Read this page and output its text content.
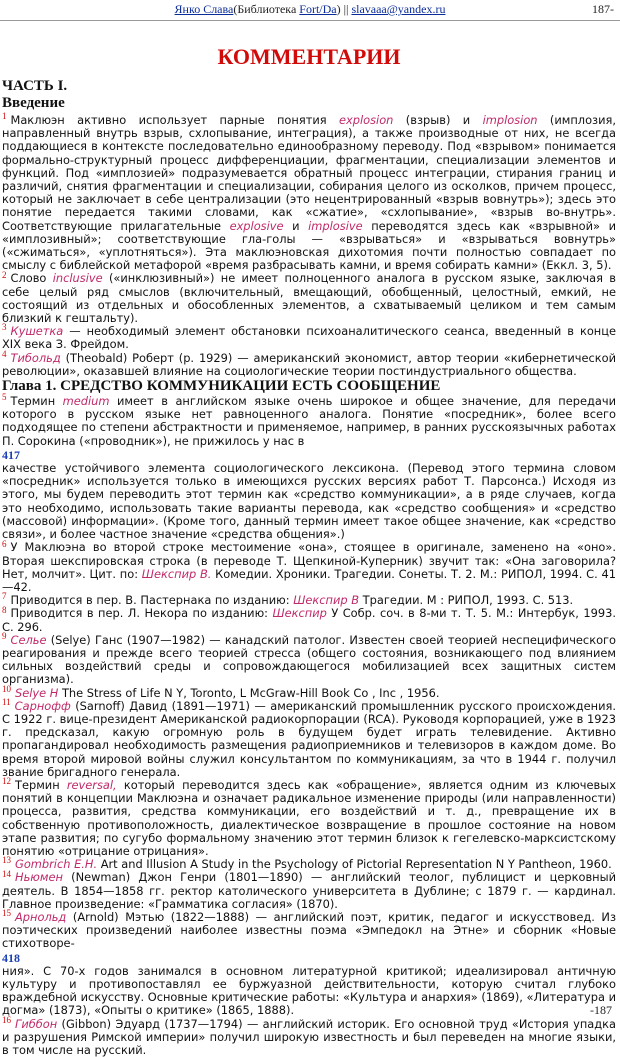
Янко Слава(Библиотека Fort/Da) || slavaaa@yandex.ru	187-
КОММЕНТАРИИ
ЧАСТЬ I.
Введение

$^1$ Маклюэн активно использует парные понятия explosion (взрыв) и implosion (имплозия, направленный внутрь взрыв, схлопывание, интеграция), а также производные от них, не всегда поддающиеся в контексте последовательно единообразному переводу. Под «взрывом» понимается формально-структурный процесс дифференциации, фрагментации, специализации элементов и функций. Под «имплозией» подразумевается обратный процесс интеграции, стирания границ и различий, снятия фрагментации и специализации, собирания целого из осколков, причем процесс, который не заключает в себе централизации (это нецентрированный «взрыв вовнутрь»); здесь это понятие передается такими словами, как «сжатие», «схлопывание», «взрыв во-внутрь». Соответствующие прилагательные explosive и implosive переводятся здесь как «взрывной» и «имплозивный»; соответствующие гла-голы — «взрываться» и «взрываться вовнутрь» («сжиматься», «уплотняться»). Эта маклюэновская дихотомия почти полностью совпадает по смыслу с библейской метафорой «время разбрасывать камни, и время собирать камни» (Еккл. 3, 5).

$^2$ Слово inclusive («инклюзивный») не имеет полноценного аналога в русском языке, заключая в себе целый ряд смыслов (включительный, вмещающий, обобщенный, целостный, емкий, не состоящий из отдельных и обособленных элементов, а схватываемый целиком и тем самым близкий к гештальту).

$^3$ Кушетка — необходимый элемент обстановки психоаналитического сеанса, введенный в конце XIX века З. Фрейдом.

$^4$ Тибольд (Theobald) Роберт (р. 1929) — американский экономист, автор теории «кибернетической революции», оказавшей влияние на социологические теории постиндустриального общества.

Глава 1. СРЕДСТВО КОММУНИКАЦИИ ЕСТЬ СООБЩЕНИЕ

$^5$ Термин medium имеет в английском языке очень широкое и общее значение, для передачи которого в русском языке нет равноценного аналога. Понятие «посредник», более всего подходящее по степени абстрактности и применяемое, например, в ранних русскоязычных работах П. Сорокина («проводник»), не прижилось у нас в
417
качестве устойчивого элемента социологического лексикона. (Перевод этого термина словом «посредник» используется только в имеющихся русских версиях работ Т. Парсонса.) Исходя из этого, мы будем переводить этот термин как «средство коммуникации», а в ряде случаев, когда это необходимо, использовать такие варианты перевода, как «средство сообщения» и «средство (массовой) информации». (Кроме того, данный термин имеет такое общее значение, как «средство связи», и более частное значение «средства общения».)

$^6$ У Маклюэна во второй строке местоимение «она», стоящее в оригинале, заменено на «оно». Вторая шекспировская строка (в переводе Т. Щепкиной-Куперник) звучит так: «Она заговорила? Нет, молчит». Цит. по: Шекспир В. Комедии. Хроники. Трагедии. Сонеты. Т. 2. М.: РИПОЛ, 1994. С. 41—42.

$^7$ Приводится в пер. В. Пастернака по изданию: Шекспир В Трагедии. М : РИПОЛ, 1993. С. 513.

$^8$ Приводится в пер. Л. Некора по изданию: Шекспир У Собр. соч. в 8-ми т. Т. 5. М.: Интербук, 1993. С. 296.

$^9$ Селье (Selye) Ганс (1907—1982) — канадский патолог. Известен своей теорией неспецифического реагирования и прежде всего теорией стресса (общего состояния, возникающего под влиянием сильных воздействий среды и сопровождающегося мобилизацией всех защитных систем организма).

$^{10}$ Selye H The Stress of Life N Y, Toronto, L McGraw-Hill Book Co , Inc , 1956.

$^{11}$ Сарнофф (Sarnoff) Давид (1891—1971) — американский промышленник русского происхождения. С 1922 г. вице-президент Американской радиокорпорации (RCA). Руководя корпорацией, уже в 1923 г. предсказал, какую огромную роль в будущем будет играть телевидение. Активно пропагандировал необходимость размещения радиоприемников и телевизоров в каждом доме. Во время второй мировой войны служил консультантом по коммуникациям, за что в 1944 г. получил звание бригадного генерала.

$^{12}$ Термин reversal, который переводится здесь как «обращение», является одним из ключевых понятий в концепции Маклюэна и означает радикальное изменение природы (или направленности) процесса, развития, средства коммуникации, его воздействий и т. д., превращение их в собственную противоположность, диалектическое возвращение в прошлое состояние на новом этапе развития; по сугубо формальному значению этот термин близок к гегелевско-марксистскому понятию «отрицание отрицания».

$^{13}$ Gombrich E.H. Art and Illusion A Study in the Psychology of Pictorial Representation N Y Pantheon, 1960.

$^{14}$ Ньюмен (Newman) Джон Генри (1801—1890) — английский теолог, публицист и церковный деятель. В 1854—1858 гг. ректор католического университета в Дублине; с 1879 г. — кардинал. Главное произведение: «Грамматика согласия» (1870).

$^{15}$ Арнольд (Arnold) Мэтью (1822—1888) — английский поэт, критик, педагог и искусствовед. Из поэтических произведений наиболее известны поэма «Эмпедокл на Этне» и сборник «Новые стихотворе-
418
ния». С 70-х годов занимался в основном литературной критикой; идеализировал античную культуру и противопоставлял ее буржуазной действительности, которую считал глубоко враждебной искусству. Основные критические работы: «Культура и анархия» (1869), «Литература и догма» (1873), «Опыты о критике» (1865, 1888).

$^{16}$ Гиббон (Gibbon) Эдуард (1737—1794) — английский историк. Его основной труд «История упадка и разрушения Римской империи» получил широкую известность и был переведен на многие языки, в том числе на русский.

-187
